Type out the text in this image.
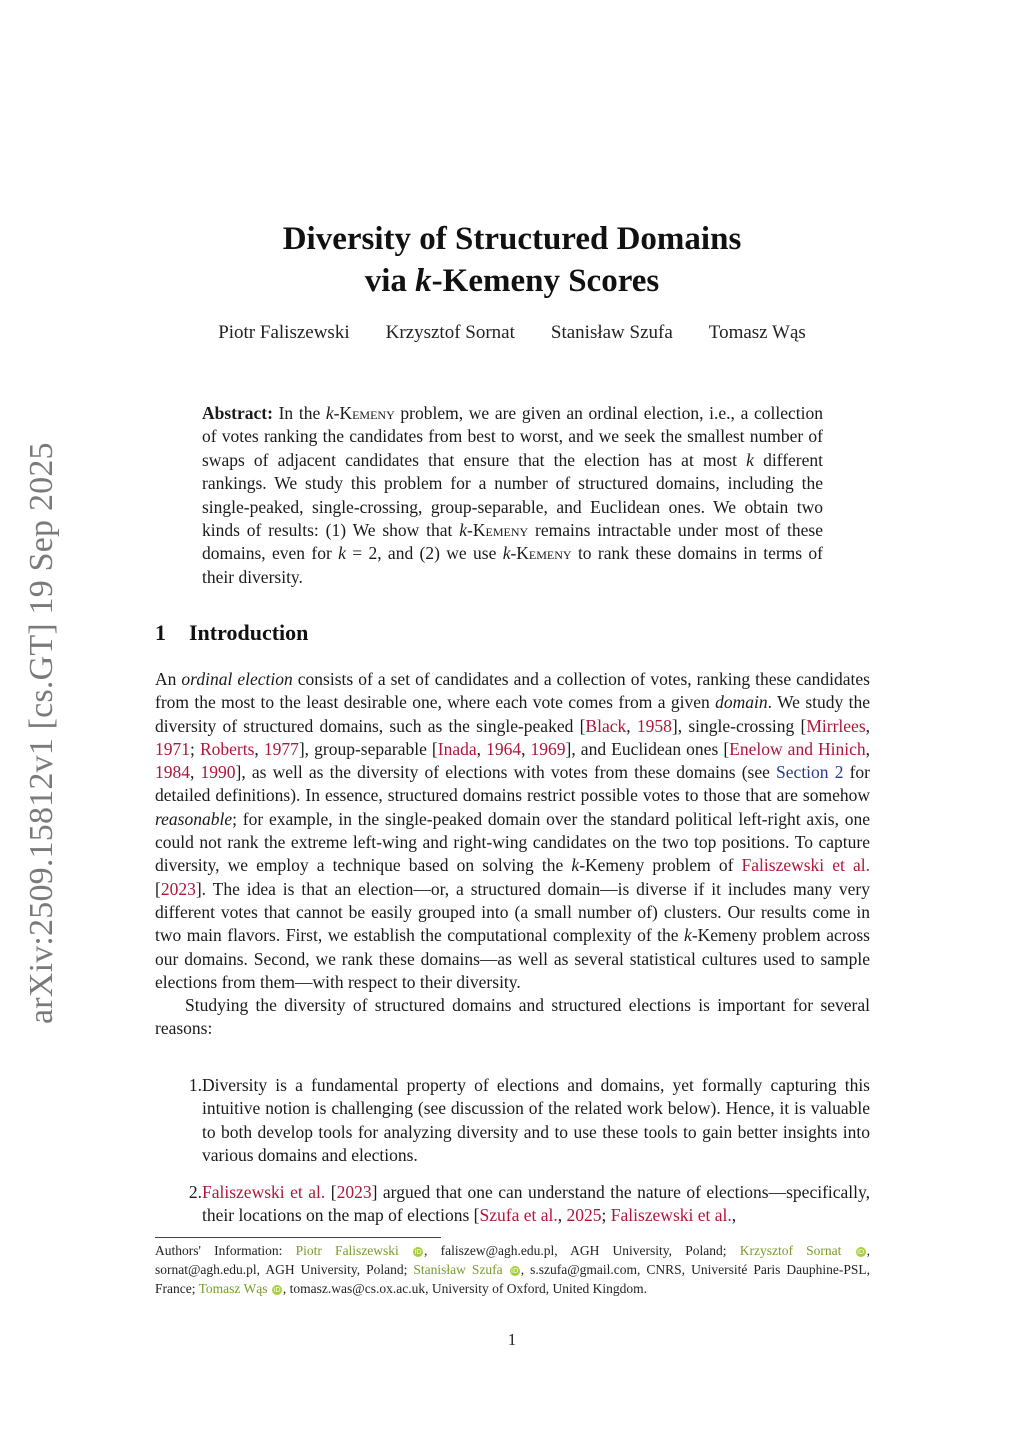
arXiv:2509.15812v1 [cs.GT] 19 Sep 2025
Diversity of Structured Domains
via k-Kemeny Scores
Piotr Faliszewski Krzysztof Sornat Stanisław Szufa Tomasz Wąs
Abstract: In the k-Kemeny problem, we are given an ordinal election, i.e., a collection of votes ranking the candidates from best to worst, and we seek the smallest number of swaps of adjacent candidates that ensure that the election has at most k different rankings. We study this problem for a number of structured domains, including the single-peaked, single-crossing, group-separable, and Euclidean ones. We obtain two kinds of results: (1) We show that k-Kemeny remains intractable under most of these domains, even for k = 2, and (2) we use k-Kemeny to rank these domains in terms of their diversity.
1 Introduction

An ordinal election consists of a set of candidates and a collection of votes, ranking these candidates from the most to the least desirable one, where each vote comes from a given domain. We study the diversity of structured domains, such as the single-peaked [Black, 1958], single-crossing [Mirrlees, 1971; Roberts, 1977], group-separable [Inada, 1964, 1969], and Euclidean ones [Enelow and Hinich, 1984, 1990], as well as the diversity of elections with votes from these domains (see Section 2 for detailed definitions). In essence, structured domains restrict possible votes to those that are somehow reasonable; for example, in the single-peaked domain over the standard political left-right axis, one could not rank the extreme left-wing and right-wing candidates on the two top positions. To capture diversity, we employ a technique based on solving the k-Kemeny problem of Faliszewski et al. [2023]. The idea is that an election—or, a structured domain—is diverse if it includes many very different votes that cannot be easily grouped into (a small number of) clusters. Our results come in two main flavors. First, we establish the computational complexity of the k-Kemeny problem across our domains. Second, we rank these domains—as well as several statistical cultures used to sample elections from them—with respect to their diversity.

Studying the diversity of structured domains and structured elections is important for several reasons:

1. Diversity is a fundamental property of elections and domains, yet formally capturing this intuitive notion is challenging (see discussion of the related work below). Hence, it is valuable to both develop tools for analyzing diversity and to use these tools to gain better insights into various domains and elections.
2. Faliszewski et al. [2023] argued that one can understand the nature of elections—specifically, their locations on the map of elections [Szufa et al., 2025; Faliszewski et al.,
Authors' Information: Piotr Faliszewski iD , faliszew@agh.edu.pl, AGH University, Poland; Krzysztof Sornat iD , sornat@agh.edu.pl, AGH University, Poland; Stanisław Szufa iD , s.szufa@gmail.com, CNRS, Université Paris Dauphine-PSL, France; Tomasz Wąs iD , tomasz.was@cs.ox.ac.uk, University of Oxford, United Kingdom.
1
